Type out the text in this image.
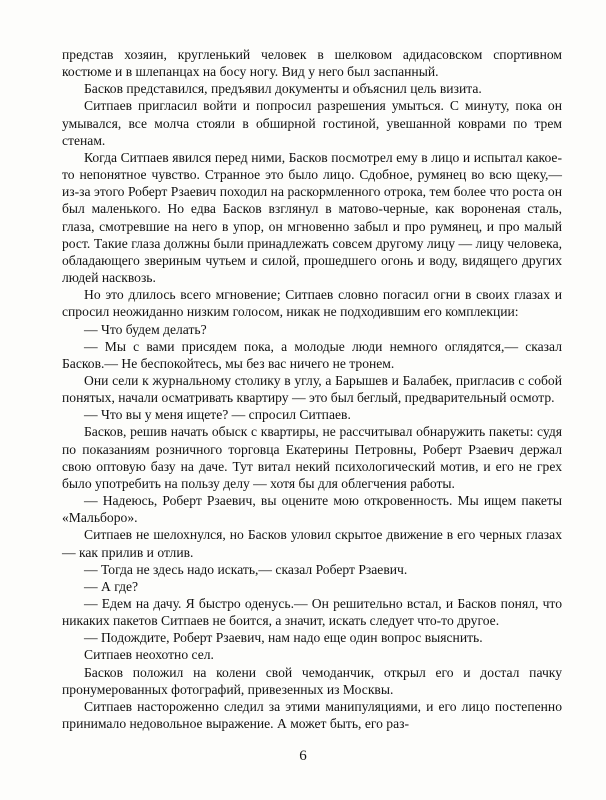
представ хозяин, кругленький человек в шелковом адидасовском спортивном костюме и в шлепанцах на босу ногу. Вид у него был заспанный.

Басков представился, предъявил документы и объяснил цель визита.

Ситпаев пригласил войти и попросил разрешения умыться. С минуту, пока он умывался, все молча стояли в обширной гостиной, увешанной коврами по трем стенам.

Когда Ситпаев явился перед ними, Басков посмотрел ему в лицо и испытал какое-то непонятное чувство. Странное это было лицо. Сдобное, румянец во всю щеку,— из-за этого Роберт Рзаевич походил на раскормленного отрока, тем более что роста он был маленького. Но едва Басков взглянул в матово-черные, как вороненая сталь, глаза, смотревшие на него в упор, он мгновенно забыл и про румянец, и про малый рост. Такие глаза должны были принадлежать совсем другому лицу — лицу человека, обладающего звериным чутьем и силой, прошедшего огонь и воду, видящего других людей насквозь.

Но это длилось всего мгновение; Ситпаев словно погасил огни в своих глазах и спросил неожиданно низким голосом, никак не подходившим его комплекции:

— Что будем делать?

— Мы с вами присядем пока, а молодые люди немного оглядятся,— сказал Басков.— Не беспокойтесь, мы без вас ничего не тронем.

Они сели к журнальному столику в углу, а Барышев и Балабек, пригласив с собой понятых, начали осматривать квартиру — это был беглый, предварительный осмотр.

— Что вы у меня ищете? — спросил Ситпаев.

Басков, решив начать обыск с квартиры, не рассчитывал обнаружить пакеты: судя по показаниям розничного торговца Екатерины Петровны, Роберт Рзаевич держал свою оптовую базу на даче. Тут витал некий психологический мотив, и его не грех было употребить на пользу делу — хотя бы для облегчения работы.

— Надеюсь, Роберт Рзаевич, вы оцените мою откровенность. Мы ищем пакеты «Мальборо».

Ситпаев не шелохнулся, но Басков уловил скрытое движение в его черных глазах — как прилив и отлив.

— Тогда не здесь надо искать,— сказал Роберт Рзаевич.

— А где?

— Едем на дачу. Я быстро оденусь.— Он решительно встал, и Басков понял, что никаких пакетов Ситпаев не боится, а значит, искать следует что-то другое.

— Подождите, Роберт Рзаевич, нам надо еще один вопрос выяснить.

Ситпаев неохотно сел.

Басков положил на колени свой чемоданчик, открыл его и достал пачку пронумерованных фотографий, привезенных из Москвы.

Ситпаев настороженно следил за этими манипуляциями, и его лицо постепенно принимало недовольное выражение. А может быть, его раз-

6
